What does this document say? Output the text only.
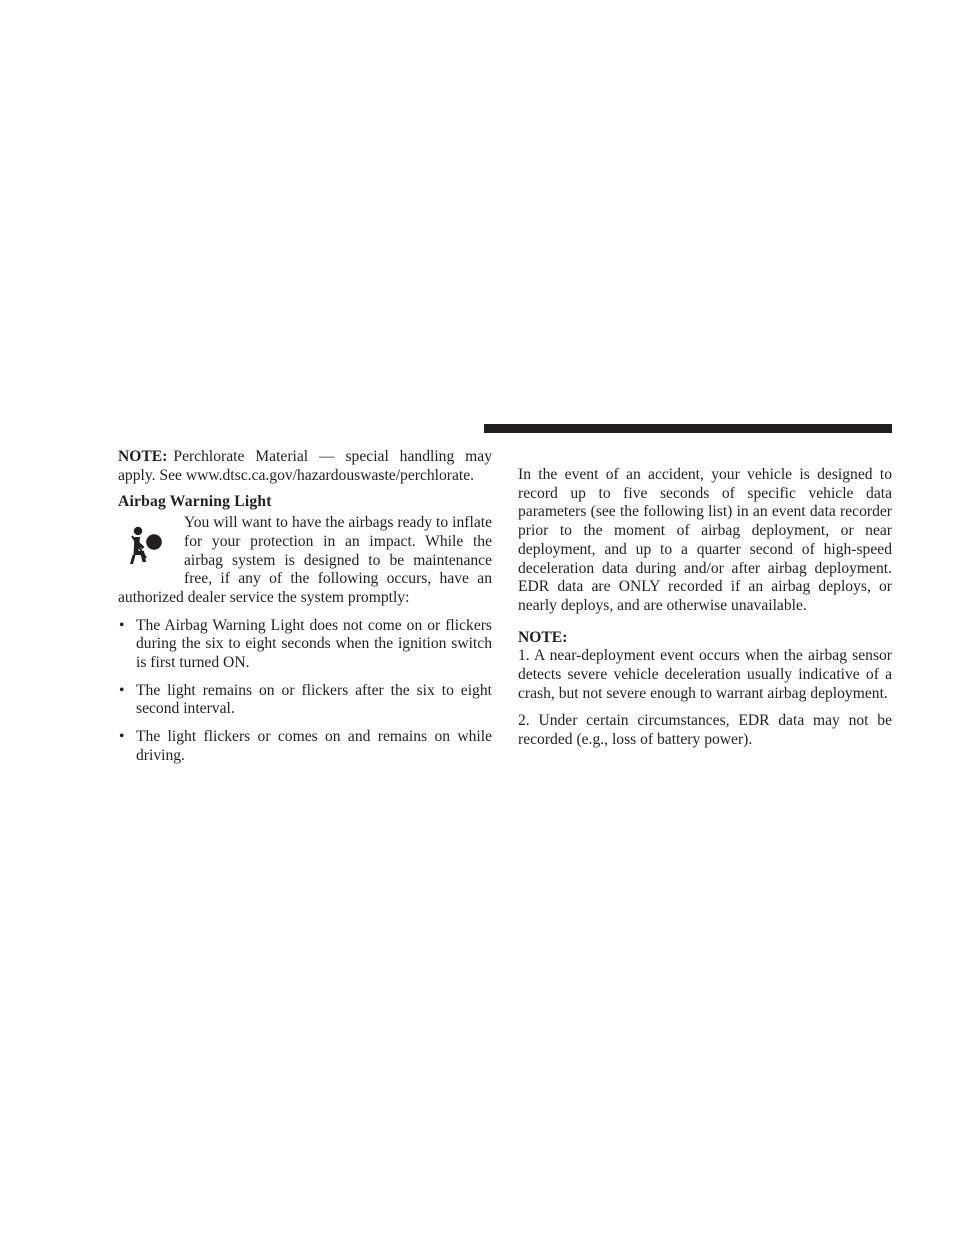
NOTE: Perchlorate Material — special handling may apply. See www.dtsc.ca.gov/hazardouswaste/perchlorate.

Airbag Warning Light

You will want to have the airbags ready to inflate for your protection in an impact. While the airbag system is designed to be maintenance free, if any of the following occurs, have an authorized dealer service the system promptly:

• The Airbag Warning Light does not come on or flickers during the six to eight seconds when the ignition switch is first turned ON.
• The light remains on or flickers after the six to eight second interval.
• The light flickers or comes on and remains on while driving.

In the event of an accident, your vehicle is designed to record up to five seconds of specific vehicle data parameters (see the following list) in an event data recorder prior to the moment of airbag deployment, or near deployment, and up to a quarter second of high-speed deceleration data during and/or after airbag deployment. EDR data are ONLY recorded if an airbag deploys, or nearly deploys, and are otherwise unavailable.

NOTE:

1. A near-deployment event occurs when the airbag sensor detects severe vehicle deceleration usually indicative of a crash, but not severe enough to warrant airbag deployment.

2. Under certain circumstances, EDR data may not be recorded (e.g., loss of battery power).
